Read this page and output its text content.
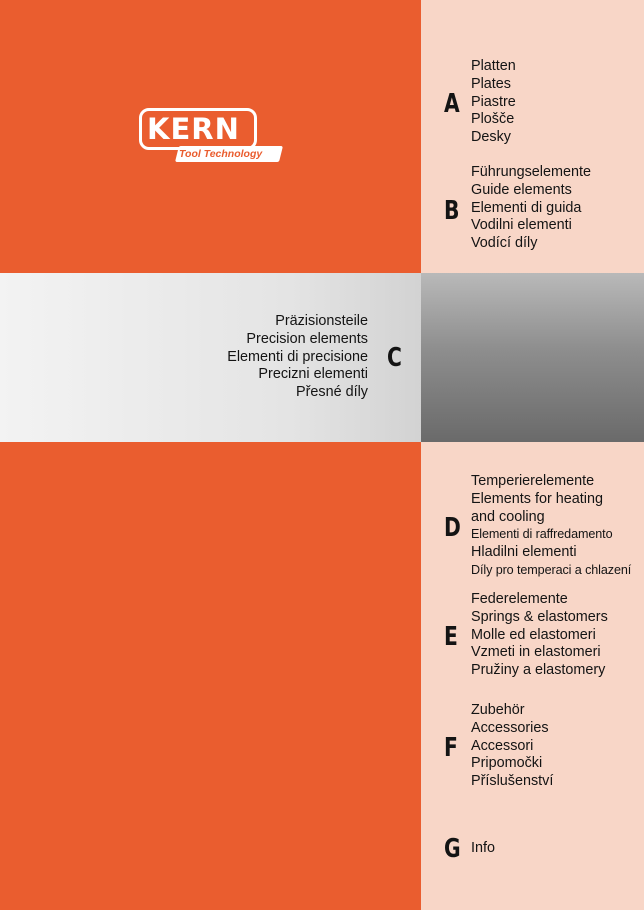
KERN
Tool Technology
A
Platten
Plates
Piastre
Plošče
Desky
B
Führungselemente
Guide elements
Elementi di guida
Vodilni elementi
Vodící díly
Präzisionsteile
Precision elements
Elementi di precisione
Precizni elementi
Přesné díly
C
D
Temperierelemente
Elements for heating
and cooling
Elementi di raffredamento
Hladilni elementi
Díly pro temperaci a chlazení
E
Federelemente
Springs & elastomers
Molle ed elastomeri
Vzmeti in elastomeri
Pružiny a elastomery
F
Zubehör
Accessories
Accessori
Pripomočki
Příslušenství
G Info
